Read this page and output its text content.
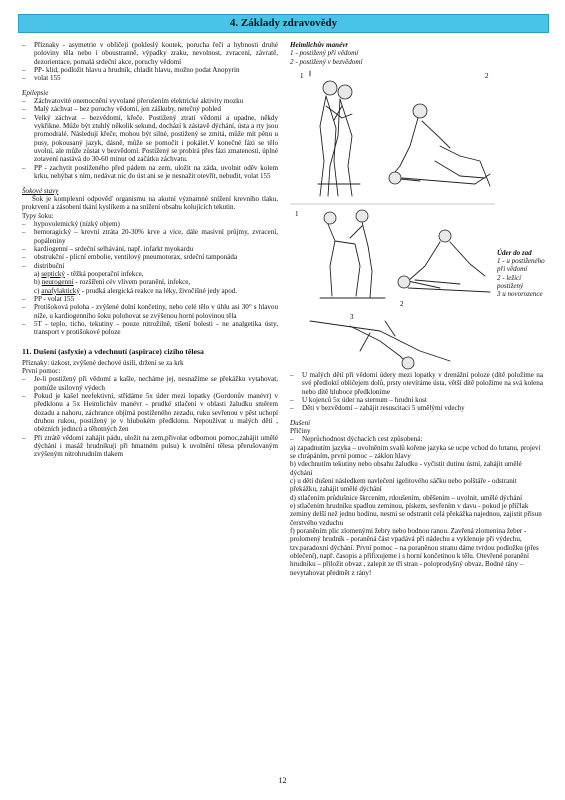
4. Základy zdravovědy
– Příznaky - asymetrie v obličeji (pokleslý koutek, porucha řeči a hybnosti druhé poloviny těla nebo i oboustranně, výpadky zraku, nevolnost, zvracení, závratě, dezorientace, pomalá srdeční akce, poruchy vědomí
– PP- klid, podložit hlavu a hrudník, chladit hlavu, možno podat Anopyrin
– volat 155

Epilepsie

– Záchvatovité onemocnění vyvolané přerušením elektrické aktivity mozku
– Malý záchvat – bez poruchy vědomí, jen záškuby, netečný pohled
– Velký záchvat – bezvědomí, křeče. Postižený ztratí vědomí a upadne, někdy vykřikne. Může být ztuhlý několik sekund, dochází k zástavě dýchání, ústa a rty jsou promodralé. Následují křeče, mohou být silné, postižený se zmítá, může mít pěnu u pusy, pokousaný jazyk, dásně, může se pomočit i pokálet.V konečné fázi se tělo uvolní, ale může zůstat v bezvědomí. Postižený se probírá přes fázi zmatenosti, úplné zotavení nastává do 30-60 minut od začátku záchvatu.
– PP - zachytit postiženého před pádem na zem, uložit na záda, uvolnit oděv kolem krku, nehýbat s ním, nedávat nic do úst ani se je nesnažit otevřít, nebudit, volat 155

Šokové stavy

Šok je komplexní odpověď organismu na akutní významné snížení krevního tlaku, prokrvení a zásobení tkání kyslíkem a na snížení obsahu kolujících tekutin.

Typy šoku:

– hypovolemický (nízký objem)
– hemoragický – krevní ztráta 20-30% krve a více, dále masivní průjmy, zvracení, popáleniny
– kardiogenní – srdeční selhávání, např. infarkt myokardu
– obstrukční - plicní embolie, ventilový pneumotorax, srdeční tamponáda
– distribuční

a) septický - těžká pooperační infekce,

b) neurogenní - rozšíření cév vlivem poranění, infekce,

c) anafylaktický - prudká alergická reakce na léky, živočišné jedy apod.

– PP - volat 155
– Protišoková poloha - zvýšené dolní končetiny, nebo celé tělo v úhlu asi 30° s hlavou níže, u kardiogenního šoku polohovat se zvýšenou horní polovinou těla
– 5T - teplo, ticho, tekutiny - pouze nitrožilně, tišení bolesti - ne analgetika ústy, transport v protišokové poloze
11. Dušení (asfyxie) a vdechnutí (aspirace) cizího tělesa

Příznaky: úzkost, zvýšené dechové úsilí, držení se za krk

První pomoc:

– Je-li postižený při vědomí a kašle, necháme jej, nesnažíme se překážku vytahovat, pomůže usilovný výdech
– Pokud je kašel neefektivní, střídáme 5x úder mezi lopatky (Gordonův manévr) v předklonu a 5x Heimlichův manévr - prudké stlačení v oblasti žaludku směrem dozadu a nahoru, záchrance objímá postiženého zezadu, ruku sevřenou v pěst uchopí druhou rukou, postižený je v hlubokém předklonu. Nepoužívat u malých dětí , obézních jedinců a těhotných žen
– Při ztrátě vědomí zahájit pádu, uložit na zem,přivolat odbornou pomoc,zahájit umělé dýchání i masáž hrudníku(i při hmatném pulsu) k uvolnění tělesa přerušovaným zvýšeným nitrohrudním tlakem

Heimlichův manévr

1 - postižený při vědomí

2 - postižený v bezvědomí

1	2
1
2

Úder do zad

1 - u postiženého při vědomí

2 - ležící postižený

3 u novorozence

3
– U malých dětí při vědomí údery mezi lopatky v drenážní poloze (dítě položíme na své předloktí obličejem dolů, prsty otevíráme ústa, větší dítě položíme na svá kolena nebo dítě hluboce předkloníme
– U kojenců 5x úder na sternum – hrudní kost
– Děti v bezvědomí – zahájit resuscitaci 5 umělými vdechy

Dušení

Příčiny

– Neprůchodnost dýchacích cest způsobená:

a) zapadnutím jazyka – uvolněním svalů kořene jazyka se ucpe vchod do hrtanu, projeví se chrápáním, první pomoc – záklon hlavy

b) vdechnutím tekutiny nebo obsahu žaludku - vyčistit dutinu ústní, zahájit umělé dýchání

c) u dětí dušení následkem navlečení igelitového sáčku nebo polštáře - odstranit překážku, zahájit umělé dýchání

d) stlačením průdušnice škrcením, rdoušením, oběšením – uvolnit, umělé dýchání

e) stlačením hrudníku spadlou zeminou, pískem, sevřením v davu - pokud je příčlak zeminy delší než jednu hodinu, nesmí se odstranit celá překážka najednou, zajistit přísun čerstvého vzduchu

f) poraněním plic zlomenými žebry nebo bodnou ranou. Zavřená zlomenina žeber - prolomený hrudník - poraněná část vpadává při nádechu a vyklenuje při výdechu, tzv.paradoxní dýchání. První pomoc – na poraněnou stranu dáme tvrdou podložku (přes oblečení), např. časopis a přifixujeme i s horní končetinou k tělu. Otevřené poranění hrudníku – přiložit obvaz , zalepit ze tří stran - poloprodyšný obvaz. Bodné rány – nevytahovat předmět z rány!

12
